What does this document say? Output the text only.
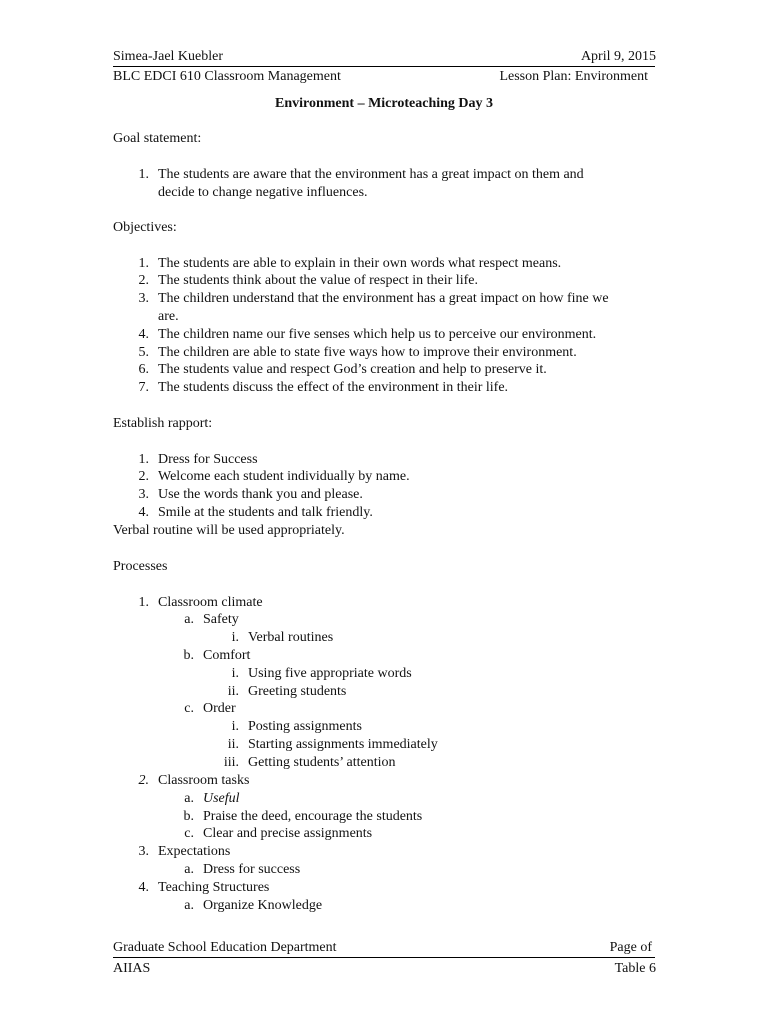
Simea-Jael Kuebler	April 9, 2015
BLC EDCI 610 Classroom Management	Lesson Plan: Environment
Environment – Microteaching Day 3
Goal statement:
1. The students are aware that the environment has a great impact on them and
decide to change negative influences.
Objectives:
1. The students are able to explain in their own words what respect means.
2. The students think about the value of respect in their life.
3. The children understand that the environment has a great impact on how fine we
are.
4. The children name our five senses which help us to perceive our environment.
5. The children are able to state five ways how to improve their environment.
6. The students value and respect God’s creation and help to preserve it.
7. The students discuss the effect of the environment in their life.
Establish rapport:
1. Dress for Success
2. Welcome each student individually by name.
3. Use the words thank you and please.
4. Smile at the students and talk friendly.
Verbal routine will be used appropriately.
Processes
1. Classroom climate
a. Safety
i. Verbal routines
b. Comfort
i. Using five appropriate words
ii. Greeting students
c. Order
i. Posting assignments
ii. Starting assignments immediately
iii. Getting students’ attention
2. Classroom tasks
a. Useful
b. Praise the deed, encourage the students
c. Clear and precise assignments
3. Expectations
a. Dress for success
4. Teaching Structures
a. Organize Knowledge
Graduate School Education Department	Page of
AIIAS	Table 6
